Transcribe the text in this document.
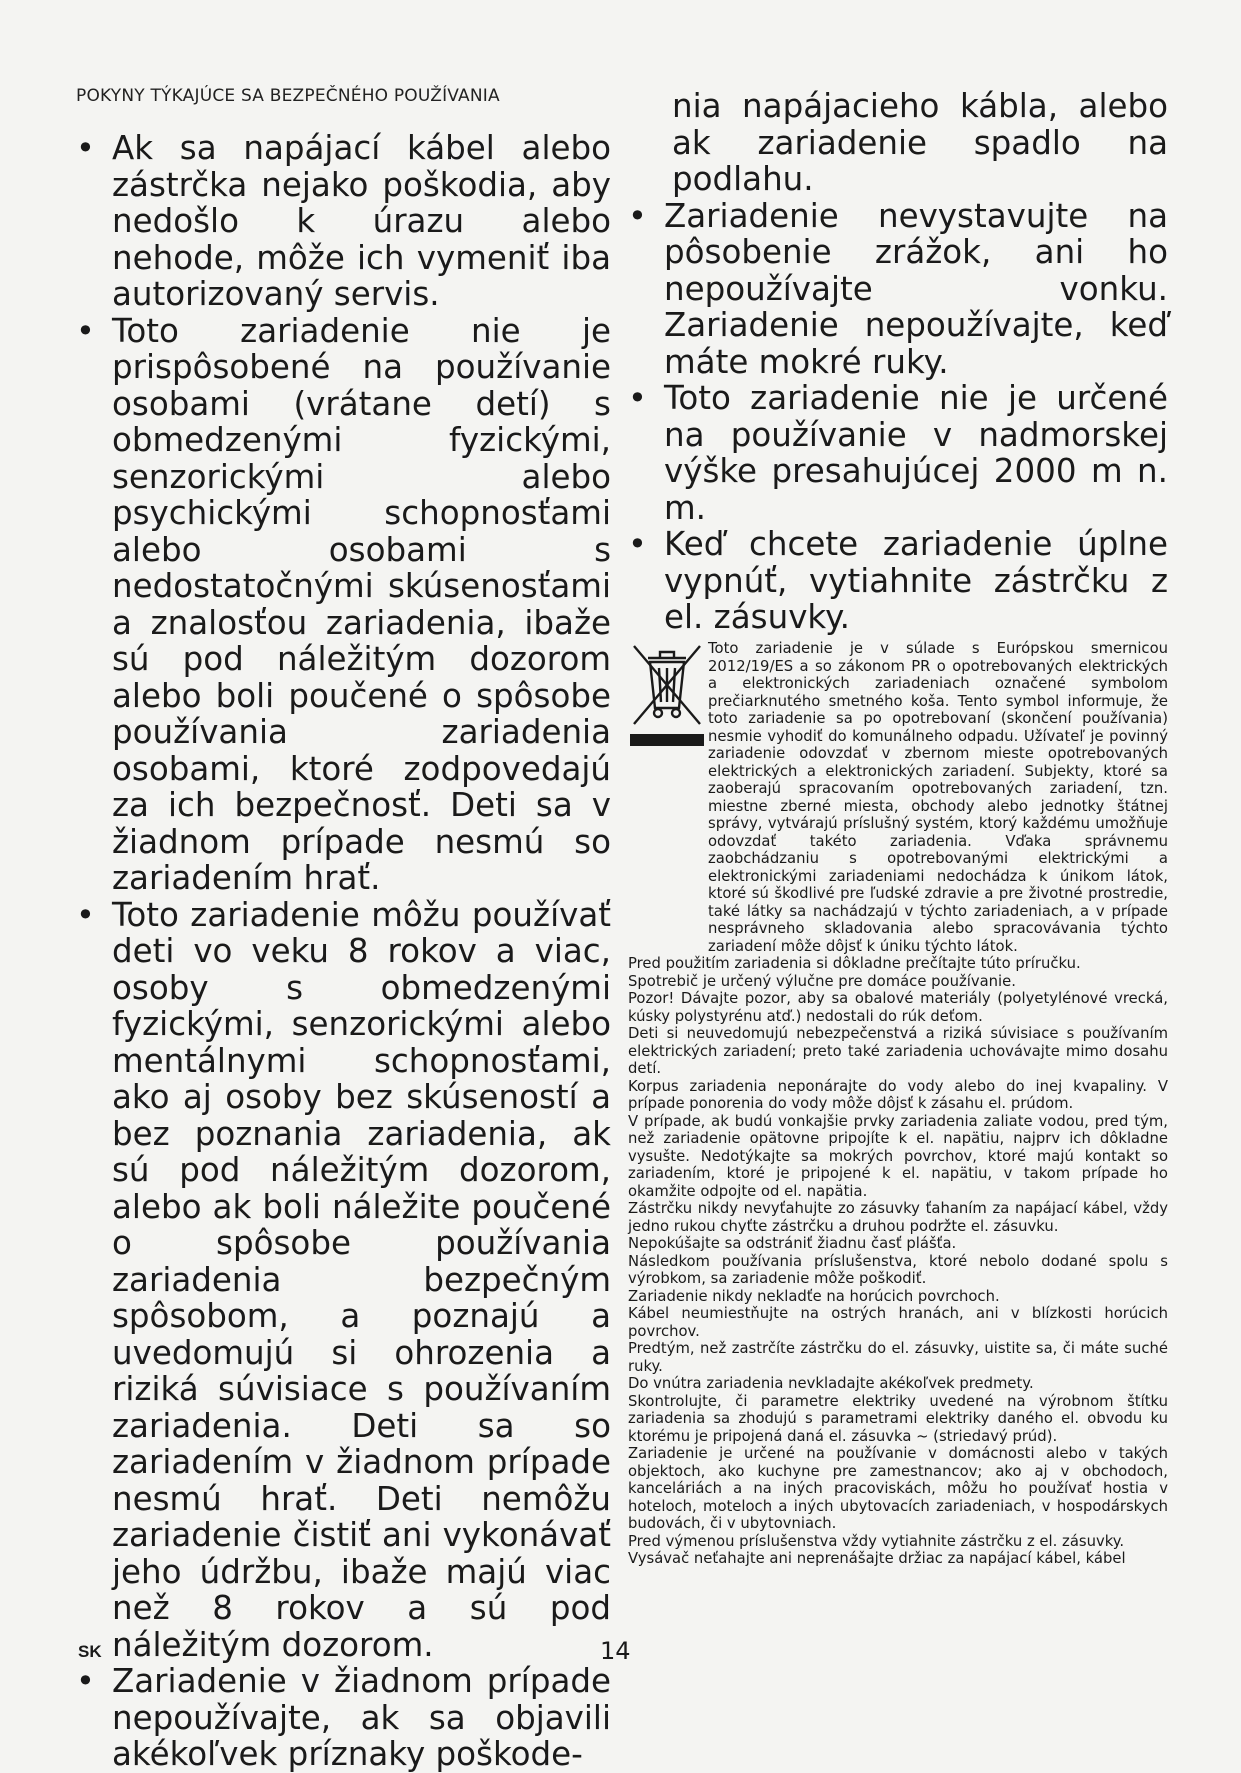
POKYNY TÝKAJÚCE SA BEZPEČNÉHO POUŽÍVANIA
• Ak sa napájací kábel alebo zástrčka nejako poškodia, aby nedošlo k úrazu alebo nehode, môže ich vymeniť iba autorizovaný servis.
• Toto zariadenie nie je prispôsobené na používanie osobami (vrátane detí) s obmedzenými fyzickými, senzorickými alebo psychickými schopnosťami alebo osobami s nedostatočnými skúsenosťami a znalosťou zariadenia, ibaže sú pod náležitým dozorom alebo boli poučené o spôsobe používania zariadenia osobami, ktoré zodpovedajú za ich bezpečnosť. Deti sa v žiadnom prípade nesmú so zariadením hrať.
• Toto zariadenie môžu používať deti vo veku 8 rokov a viac, osoby s obmedzenými fyzickými, senzorickými alebo mentálnymi schopnosťami, ako aj osoby bez skúseností a bez poznania zariadenia, ak sú pod náležitým dozorom, alebo ak boli náležite poučené o spôsobe používania zariadenia bezpečným spôsobom, a poznajú a uvedomujú si ohrozenia a riziká súvisiace s používaním zariadenia. Deti sa so zariadením v žiadnom prípade nesmú hrať. Deti nemôžu zariadenie čistiť ani vykonávať jeho údržbu, ibaže majú viac než 8 rokov a sú pod náležitým dozorom.
• Zariadenie v žiadnom prípade nepoužívajte, ak sa objavili akékoľvek príznaky poškode-
nia napájacieho kábla, alebo ak zariadenie spadlo na podlahu.
• Zariadenie nevystavujte na pôsobenie zrážok, ani ho nepoužívajte vonku. Zariadenie nepoužívajte, keď máte mokré ruky.
• Toto zariadenie nie je určené na používanie v nadmorskej výške presahujúcej 2000 m n. m.
• Keď chcete zariadenie úplne vypnúť, vytiahnite zástrčku z el. zásuvky.

Toto zariadenie je v súlade s Európskou smernicou 2012/19/ES a so zákonom PR o opotrebovaných elektrických a elektronických zariadeniach označené symbolom prečiarknutého smetného koša. Tento symbol informuje, že toto zariadenie sa po opotrebovaní (skončení používania) nesmie vyhodiť do komunálneho odpadu. Užívateľ je povinný zariadenie odovzdať v zbernom mieste opotrebovaných elektrických a elektronických zariadení. Subjekty, ktoré sa zaoberajú spracovaním opotrebovaných zariadení, tzn. miestne zberné miesta, obchody alebo jednotky štátnej správy, vytvárajú príslušný systém, ktorý každému umožňuje odovzdať takéto zariadenia. Vďaka správnemu zaobchádzaniu s opotrebovanými elektrickými a elektronickými zariadeniami nedochádza k únikom látok, ktoré sú škodlivé pre ľudské zdravie a pre životné prostredie, také látky sa nachádzajú v týchto zariadeniach, a v prípade nesprávneho skladovania alebo spracovávania týchto zariadení môže dôjsť k úniku týchto látok.

Pred použitím zariadenia si dôkladne prečítajte túto príručku.

Spotrebič je určený výlučne pre domáce používanie.

Pozor! Dávajte pozor, aby sa obalové materiály (polyetylénové vrecká, kúsky polystyrénu atď.) nedostali do rúk deťom.

Deti si neuvedomujú nebezpečenstvá a riziká súvisiace s používaním elektrických zariadení; preto také zariadenia uchovávajte mimo dosahu detí.

Korpus zariadenia neponárajte do vody alebo do inej kvapaliny. V prípade ponorenia do vody môže dôjsť k zásahu el. prúdom.

V prípade, ak budú vonkajšie prvky zariadenia zaliate vodou, pred tým, než zariadenie opätovne pripojíte k el. napätiu, najprv ich dôkladne vysušte. Nedotýkajte sa mokrých povrchov, ktoré majú kontakt so zariadením, ktoré je pripojené k el. napätiu, v takom prípade ho okamžite odpojte od el. napätia.

Zástrčku nikdy nevyťahujte zo zásuvky ťahaním za napájací kábel, vždy jedno rukou chyťte zástrčku a druhou podržte el. zásuvku.

Nepokúšajte sa odstrániť žiadnu časť plášťa.

Následkom používania príslušenstva, ktoré nebolo dodané spolu s výrobkom, sa zariadenie môže poškodiť.

Zariadenie nikdy nekladťe na horúcich povrchoch.

Kábel neumiestňujte na ostrých hranách, ani v blízkosti horúcich povrchov.

Predtým, než zastrčíte zástrčku do el. zásuvky, uistite sa, či máte suché ruky.

Do vnútra zariadenia nevkladajte akékoľvek predmety.

Skontrolujte, či parametre elektriky uvedené na výrobnom štítku zariadenia sa zhodujú s parametrami elektriky daného el. obvodu ku ktorému je pripojená daná el. zásuvka ~ (striedavý prúd).

Zariadenie je určené na používanie v domácnosti alebo v takých objektoch, ako kuchyne pre zamestnancov; ako aj v obchodoch, kanceláriách a na iných pracoviskách, môžu ho používať hostia v hoteloch, moteloch a iných ubytovacích zariadeniach, v hospodárskych budovách, či v ubytovniach.

Pred výmenou príslušenstva vždy vytiahnite zástrčku z el. zásuvky.

Vysávač neťahajte ani neprenášajte držiac za napájací kábel, kábel

SK	14
